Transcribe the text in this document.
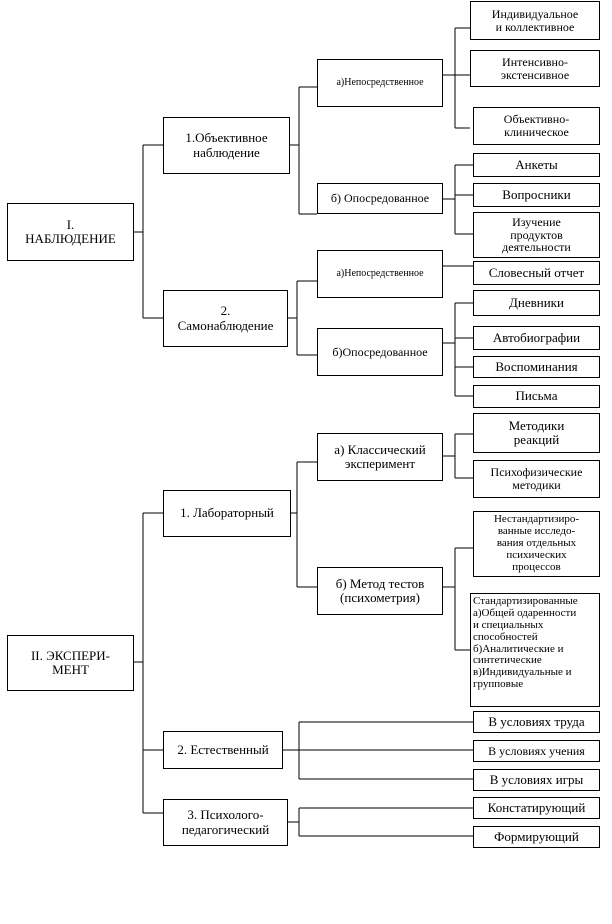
I.
НАБЛЮДЕНИЕ
II. ЭКСПЕРИ-
МЕНТ
1.Объективное
наблюдение
2.
Самонаблюдение
а)Непосредственное
б) Опосредованное
Индивидуальное
и коллективное
Интенсивно-
экстенсивное
Объективно-
клиническое
Анкеты
Вопросники
Изучение
продуктов
деятельности
а)Непосредственное
б)Опосредованное
Словесный отчет
Дневники
Автобиографии
Воспоминания
Письма
1. Лабораторный
2. Естественный
3. Психолого-
педагогический
а) Классический
эксперимент
б) Метод тестов
(психометрия)
Методики
реакций
Психофизические
методики
Нестандартизиро-
ванные исследо-
вания отдельных
психических
процессов
Стандартизированные
а)Общей одаренности
и специальных
способностей
б)Аналитические и
синтетические
в)Индивидуальные и
групповые
В условиях труда
В условиях учения
В условиях игры
Констатирующий
Формирующий
